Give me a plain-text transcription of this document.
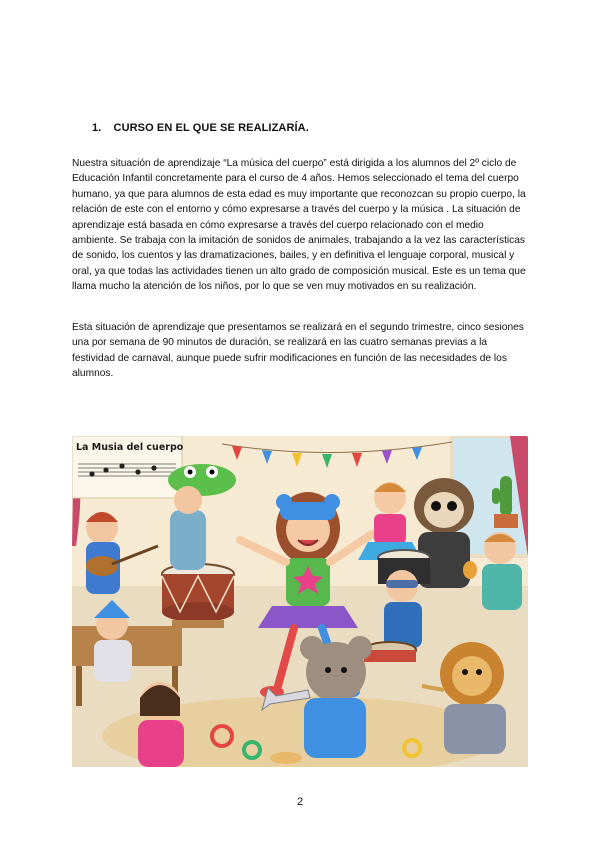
1. CURSO EN EL QUE SE REALIZARÍA.

Nuestra situación de aprendizaje “La música del cuerpo” está dirigida a los alumnos del 2º ciclo de Educación Infantil concretamente para el curso de 4 años. Hemos seleccionado el tema del cuerpo humano, ya que para alumnos de esta edad es muy importante que reconozcan su propio cuerpo, la relación de este con el entorno y cómo expresarse a través del cuerpo y la música . La situación de aprendizaje está basada en cómo expresarse a través del cuerpo relacionado con el medio ambiente. Se trabaja con la imitación de sonidos de animales, trabajando a la vez las características de sonido, los cuentos y las dramatizaciones, bailes, y en definitiva el lenguaje corporal, musical y oral, ya que todas las actividades tienen un alto grado de composición musical. Este es un tema que llama mucho la atención de los niños, por lo que se ven muy motivados en su realización.

Esta situación de aprendizaje que presentamos se realizará en el segundo trimestre, cinco sesiones una por semana de 90 minutos de duración, se realizará en las cuatro semanas previas a la festividad de carnaval, aunque puede sufrir modificaciones en función de las necesidades de los alumnos.

La Musia del cuerpo
2
